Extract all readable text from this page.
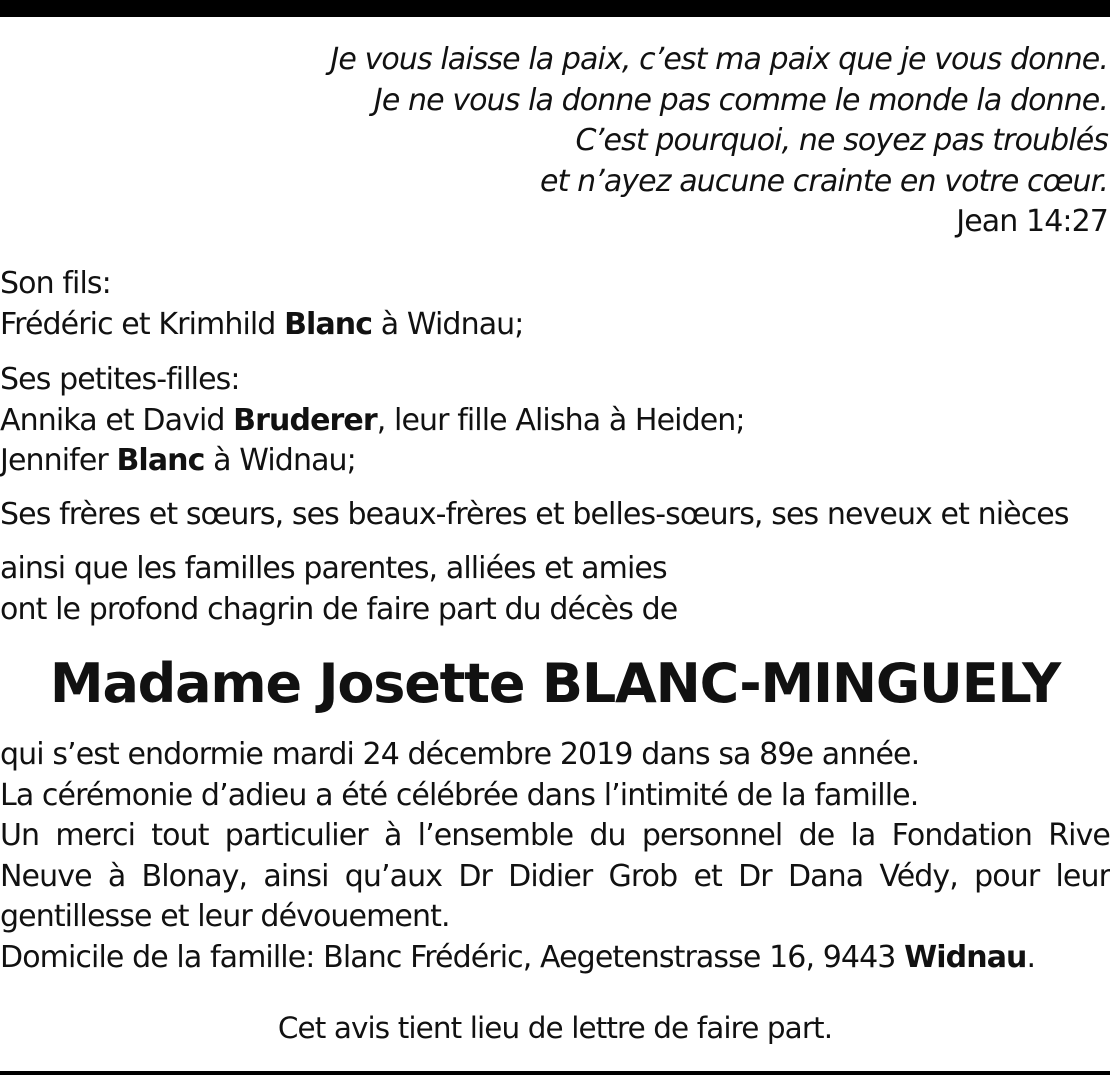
Je vous laisse la paix, c’est ma paix que je vous donne.
Je ne vous la donne pas comme le monde la donne.
C’est pourquoi, ne soyez pas troublés
et n’ayez aucune crainte en votre cœur.
Jean 14:27
Son fils:
Frédéric et Krimhild Blanc à Widnau;
Ses petites-filles:
Annika et David Bruderer, leur fille Alisha à Heiden;
Jennifer Blanc à Widnau;
Ses frères et sœurs, ses beaux-frères et belles-sœurs, ses neveux et nièces
ainsi que les familles parentes, alliées et amies
ont le profond chagrin de faire part du décès de
Madame Josette BLANC-MINGUELY
qui s’est endormie mardi 24 décembre 2019 dans sa 89e année.
La cérémonie d’adieu a été célébrée dans l’intimité de la famille.
Un merci tout particulier à l’ensemble du personnel de la Fondation Rive
Neuve à Blonay, ainsi qu’aux Dr Didier Grob et Dr Dana Védy, pour leur
gentillesse et leur dévouement.
Domicile de la famille: Blanc Frédéric, Aegetenstrasse 16, 9443 Widnau.
Cet avis tient lieu de lettre de faire part.
